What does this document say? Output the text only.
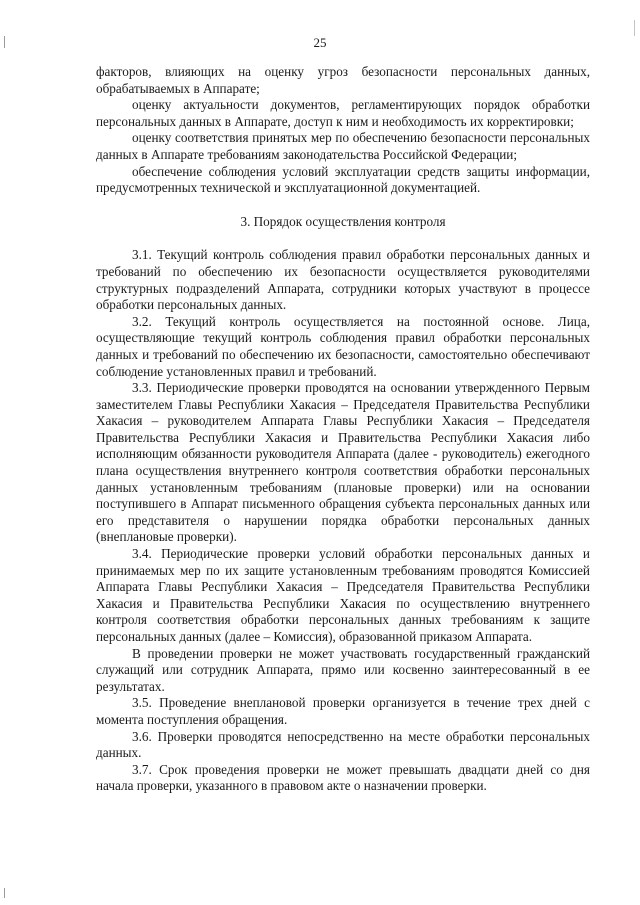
25

факторов, влияющих на оценку угроз безопасности персональных данных, обрабатываемых в Аппарате;

оценку актуальности документов, регламентирующих порядок обработки персональных данных в Аппарате, доступ к ним и необходимость их корректировки;

оценку соответствия принятых мер по обеспечению безопасности персональных данных в Аппарате требованиям законодательства Российской Федерации;

обеспечение соблюдения условий эксплуатации средств защиты информации, предусмотренных технической и эксплуатационной документацией.

3. Порядок осуществления контроля

3.1. Текущий контроль соблюдения правил обработки персональных данных и требований по обеспечению их безопасности осуществляется руководителями структурных подразделений Аппарата, сотрудники которых участвуют в процессе обработки персональных данных.

3.2. Текущий контроль осуществляется на постоянной основе. Лица, осуществляющие текущий контроль соблюдения правил обработки персональных данных и требований по обеспечению их безопасности, самостоятельно обеспечивают соблюдение установленных правил и требований.

3.3. Периодические проверки проводятся на основании утвержденного Первым заместителем Главы Республики Хакасия – Председателя Правительства Республики Хакасия – руководителем Аппарата Главы Республики Хакасия – Председателя Правительства Республики Хакасия и Правительства Республики Хакасия либо исполняющим обязанности руководителя Аппарата (далее - руководитель) ежегодного плана осуществления внутреннего контроля соответствия обработки персональных данных установленным требованиям (плановые проверки) или на основании поступившего в Аппарат письменного обращения субъекта персональных данных или его представителя о нарушении порядка обработки персональных данных (внеплановые проверки).

3.4. Периодические проверки условий обработки персональных данных и принимаемых мер по их защите установленным требованиям проводятся Комиссией Аппарата Главы Республики Хакасия – Председателя Правительства Республики Хакасия и Правительства Республики Хакасия по осуществлению внутреннего контроля соответствия обработки персональных данных требованиям к защите персональных данных (далее – Комиссия), образованной приказом Аппарата.

В проведении проверки не может участвовать государственный гражданский служащий или сотрудник Аппарата, прямо или косвенно заинтересованный в ее результатах.

3.5. Проведение внеплановой проверки организуется в течение трех дней с момента поступления обращения.

3.6. Проверки проводятся непосредственно на месте обработки персональных данных.

3.7. Срок проведения проверки не может превышать двадцати дней со дня начала проверки, указанного в правовом акте о назначении проверки.
